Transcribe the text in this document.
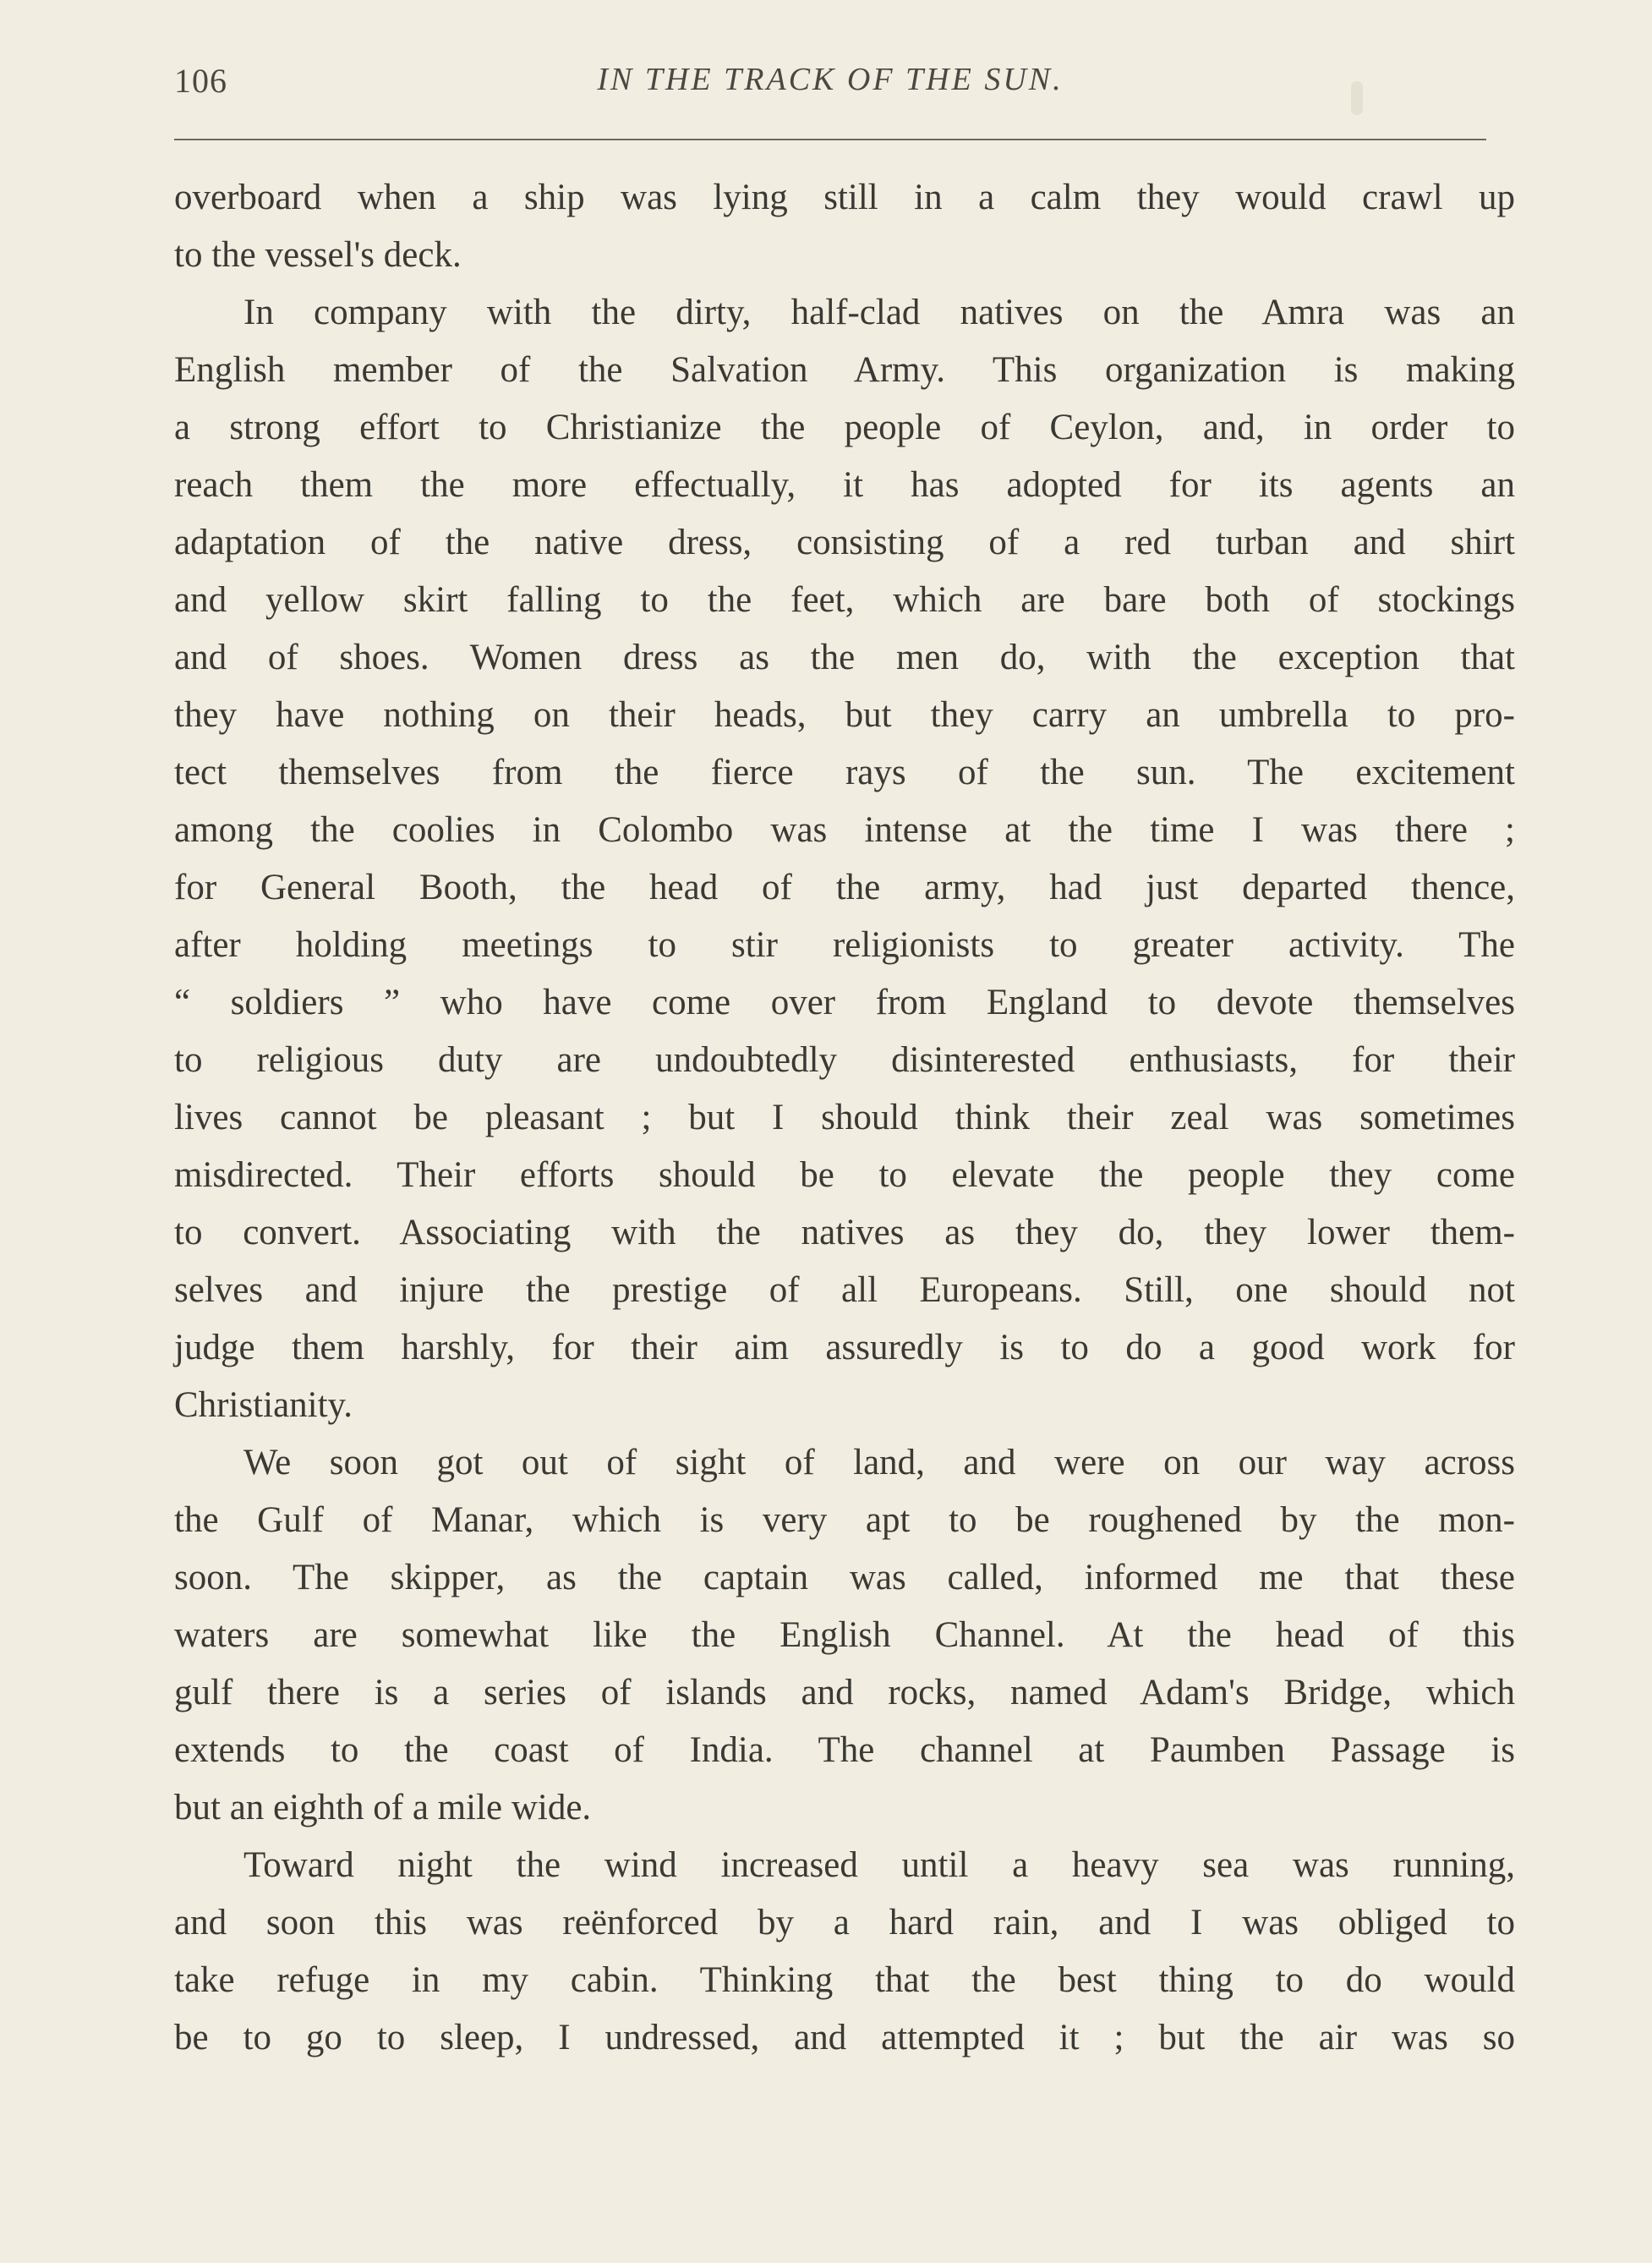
106	IN THE TRACK OF THE SUN.
overboard when a ship was lying still in a calm they would crawl up
to the vessel's deck.
In company with the dirty, half-clad natives on the Amra was an
English member of the Salvation Army. This organization is making
a strong effort to Christianize the people of Ceylon, and, in order to
reach them the more effectually, it has adopted for its agents an
adaptation of the native dress, consisting of a red turban and shirt
and yellow skirt falling to the feet, which are bare both of stockings
and of shoes. Women dress as the men do, with the exception that
they have nothing on their heads, but they carry an umbrella to pro-
tect themselves from the fierce rays of the sun. The excitement
among the coolies in Colombo was intense at the time I was there ;
for General Booth, the head of the army, had just departed thence,
after holding meetings to stir religionists to greater activity. The
“ soldiers ” who have come over from England to devote themselves
to religious duty are undoubtedly disinterested enthusiasts, for their
lives cannot be pleasant ; but I should think their zeal was sometimes
misdirected. Their efforts should be to elevate the people they come
to convert. Associating with the natives as they do, they lower them-
selves and injure the prestige of all Europeans. Still, one should not
judge them harshly, for their aim assuredly is to do a good work for
Christianity.
We soon got out of sight of land, and were on our way across
the Gulf of Manar, which is very apt to be roughened by the mon-
soon. The skipper, as the captain was called, informed me that these
waters are somewhat like the English Channel. At the head of this
gulf there is a series of islands and rocks, named Adam's Bridge, which
extends to the coast of India. The channel at Paumben Passage is
but an eighth of a mile wide.
Toward night the wind increased until a heavy sea was running,
and soon this was reënforced by a hard rain, and I was obliged to
take refuge in my cabin. Thinking that the best thing to do would
be to go to sleep, I undressed, and attempted it ; but the air was so
